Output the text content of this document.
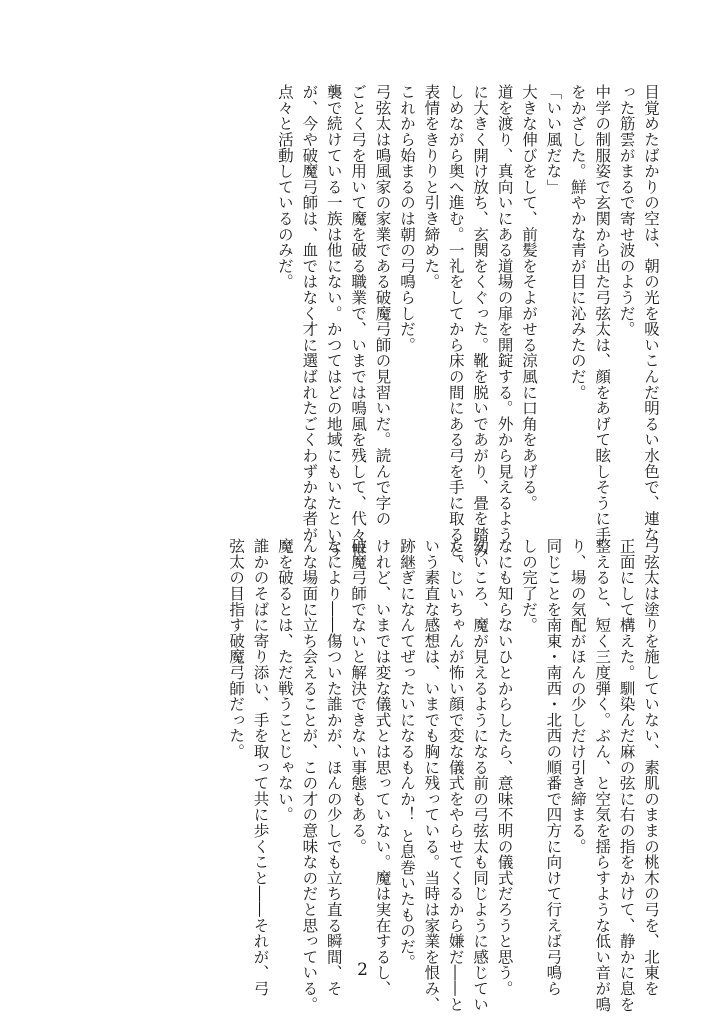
目覚めたばかりの空は、朝の光を吸いこんだ明るい水色で、連な

った筋雲がまるで寄せ波のようだ。

中学の制服姿で玄関から出た弓弦太は、顔をあげて眩しそうに手

をかざした。鮮やかな青が目に沁みたのだ。

「いい風だな」

大きな伸びをして、前髪をそよがせる涼風に口角をあげる。

道を渡り、真向いにある道場の扉を開錠する。外から見えるよう

に大きく開け放ち、玄関をくぐった。靴を脱いであがり、畳を踏み

しめながら奥へ進む。一礼をしてから床の間にある弓を手に取ると、

表情をきりりと引き締めた。

これから始まるのは朝の弓鳴らしだ。

弓弦太は鳴風家の家業である破魔弓師の見習いだ。読んで字の

ごとく弓を用いて魔を破る職業で、いまでは鳴風を残して、代々世

襲で続けている一族は他にない。かつてはどの地域にもいたという

が、今や破魔弓師は、血ではなく才に選ばれたごくわずかな者が

点々と活動しているのみだ。

弓弦太は塗りを施していない、素肌のままの桃木の弓を、北東を

正面にして構えた。馴染んだ麻の弦に右の指をかけて、静かに息を

整えると、短く三度弾く。ぶん、と空気を揺らすような低い音が鳴

り、場の気配がほんの少しだけ引き締まる。

同じことを南東・南西・北西の順番で四方に向けて行えば弓鳴ら

しの完了だ。

なにも知らないひとからしたら、意味不明の儀式だろうと思う。

幼いころ、魔が見えるようになる前の弓弦太も同じように感じてい

た。じいちゃんが怖い顔で変な儀式をやらせてくるから嫌だ――と

いう素直な感想は、いまでも胸に残っている。当時は家業を恨み、

跡継ぎになんてぜったいになるもんか！ と息巻いたものだ。

けれど、いまでは変な儀式とは思っていない。魔は実在するし、

破魔弓師でないと解決できない事態もある。

なにより――傷ついた誰かが、ほんの少しでも立ち直る瞬間、そ

んな場面に立ち会えることが、この才の意味なのだと思っている。

魔を破るとは、ただ戦うことじゃない。

誰かのそばに寄り添い、手を取って共に歩くこと――それが、弓

弦太の目指す破魔弓師だった。

2
